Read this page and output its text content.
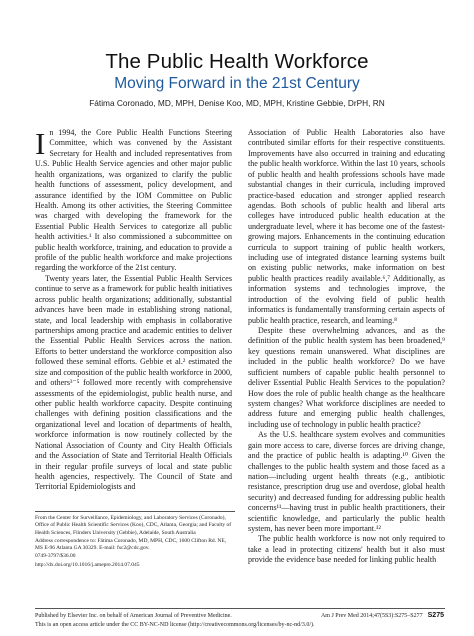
The Public Health Workforce
Moving Forward in the 21st Century
Fátima Coronado, MD, MPH, Denise Koo, MD, MPH, Kristine Gebbie, DrPH, RN

In 1994, the Core Public Health Functions Steering Committee, which was convened by the Assistant Secretary for Health and included representatives from U.S. Public Health Service agencies and other major public health organizations, was organized to clarify the public health functions of assessment, policy development, and assurance identified by the IOM Committee on Public Health. Among its other activities, the Steering Committee was charged with developing the framework for the Essential Public Health Services to categorize all public health activities.¹ It also commissioned a subcommittee on public health workforce, training, and education to provide a profile of the public health workforce and make projections regarding the workforce of the 21st century.

Twenty years later, the Essential Public Health Services continue to serve as a framework for public health initiatives across public health organizations; additionally, substantial advances have been made in establishing strong national, state, and local leadership with emphasis in collaborative partnerships among practice and academic entities to deliver the Essential Public Health Services across the nation. Efforts to better understand the workforce composition also followed these seminal efforts. Gebbie et al.² estimated the size and composition of the public health workforce in 2000, and others³⁻⁵ followed more recently with comprehensive assessments of the epidemiologist, public health nurse, and other public health workforce capacity. Despite continuing challenges with defining position classifications and the organizational level and location of departments of health, workforce information is now routinely collected by the National Association of County and City Health Officials and the Association of State and Territorial Health Officials in their regular profile surveys of local and state public health agencies, respectively. The Council of State and Territorial Epidemiologists and

Association of Public Health Laboratories also have contributed similar efforts for their respective constituents. Improvements have also occurred in training and educating the public health workforce. Within the last 10 years, schools of public health and health professions schools have made substantial changes in their curricula, including improved practice-based education and stronger applied research agendas. Both schools of public health and liberal arts colleges have introduced public health education at the undergraduate level, where it has become one of the fastest-growing majors. Enhancements in the continuing education curricula to support training of public health workers, including use of integrated distance learning systems built on existing public networks, make information on best public health practices readily available.⁶,⁷ Additionally, as information systems and technologies improve, the introduction of the evolving field of public health informatics is fundamentally transforming certain aspects of public health practice, research, and learning.⁸

Despite these overwhelming advances, and as the definition of the public health system has been broadened,⁹ key questions remain unanswered. What disciplines are included in the public health workforce? Do we have sufficient numbers of capable public health personnel to deliver Essential Public Health Services to the population? How does the role of public health change as the healthcare system changes? What workforce disciplines are needed to address future and emerging public health challenges, including use of technology in public health practice?

As the U.S. healthcare system evolves and communities gain more access to care, diverse forces are driving change, and the practice of public health is adapting.¹⁰ Given the challenges to the public health system and those faced as a nation—including urgent health threats (e.g., antibiotic resistance, prescription drug use and overdose, global health security) and decreased funding for addressing public health concerns¹¹—having trust in public health practitioners, their scientific knowledge, and particularly the public health system, has never been more important.¹²

The public health workforce is now not only required to take a lead in protecting citizens' health but it also must provide the evidence base needed for linking public health

From the Center for Surveillance, Epidemiology, and Laboratory Services (Coronado), Office of Public Health Scientific Services (Koo), CDC, Atlanta, Georgia; and Faculty of Health Sciences, Flinders University (Gebbie), Adelaide, South Australia

Address correspondence to: Fátima Coronado, MD, MPH, CDC, 1600 Clifton Rd. NE, MS E-96 Atlanta GA 30329. E-mail: fsc2@cdc.gov.

0749-3797/$36.00

http://dx.doi.org/10.1016/j.amepre.2014.07.045

Published by Elsevier Inc. on behalf of American Journal of Preventive Medicine.
This is an open access article under the CC BY-NC-ND license (http://creativecommons.org/licenses/by-nc-nd/3.0/).
Am J Prev Med 2014;47(5S3):S275–S277 S275
